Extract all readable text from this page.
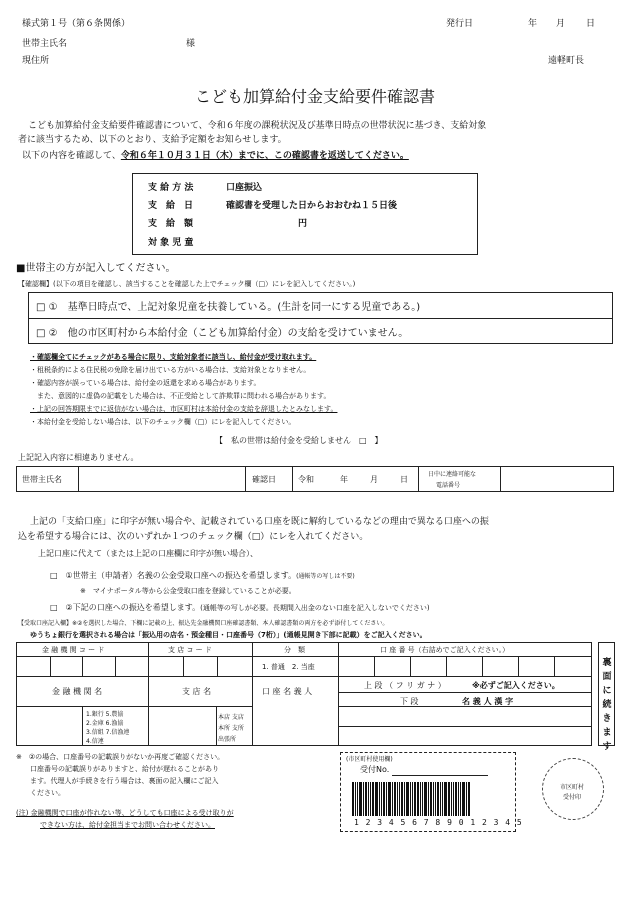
様式第１号（第６条関係）	発行日	年 月 日
世帯主氏名	様
現住所	遠軽町長
こども加算給付金支給要件確認書
こども加算給付金支給要件確認書について、令和６年度の課税状況及び基準日時点の世帯状況に基づき、支給対象
者に該当するため、以下のとおり、支給予定額をお知らせします。
以下の内容を確認して、令和６年１０月３１日（木）までに、この確認書を返送してください。
支 給 方 法	口座振込
支　給　日	確認書を受理した日からおおむね１５日後
支　給　額	円
対 象 児 童
■世帯主の方が記入してください。
【確認欄】(以下の項目を確認し、該当することを確認した上でチェック欄（□）にレを記入してください。)
□ ①　基準日時点で、上記対象児童を扶養している。(生計を同一にする児童である。)
□ ②　他の市区町村から本給付金（こども加算給付金）の支給を受けていません。
・確認欄全てにチェックがある場合に限り、支給対象者に該当し、給付金が受け取れます。
・租税条約による住民税の免除を届け出ている方がいる場合は、支給対象となりません。
・確認内容が誤っている場合は、給付金の返還を求める場合があります。
　また、意図的に虚偽の記載をした場合は、不正受給として詐欺罪に問われる場合があります。
・上記の回答期限までに返信がない場合は、市区町村は本給付金の支給を辞退したとみなします。
・本給付金を受給しない場合は、以下のチェック欄（□）にレを記入してください。
【　私の世帯は給付金を受給しません　□　】
上記記入内容に相違ありません。
世帯主氏名	確認日	令和	年	月	日
日中に連絡可能な
電話番号
上記の「支給口座」に印字が無い場合や、記載されている口座を既に解約しているなどの理由で異なる口座への振
込を希望する場合には、次のいずれか１つのチェック欄（□）にレを入れてください。
上記口座に代えて（または上記の口座欄に印字が無い場合）、
□　①世帯主（申請者）名義の公金受取口座への振込を希望します。(通帳等の写しは不要)
※　マイナポータル等から公金受取口座を登録していることが必要。
□　②下記の口座への振込を希望します。(通帳等の写しが必要。長期間入出金のない口座を記入しないでください)
【受取口座記入欄】※②を選択した場合、下欄に記載の上、振込先金融機関口座確認書類、本人確認書類の両方を必ず添付してください。
ゆうちょ銀行を選択される場合は「振込用の店名・預金種目・口座番号（7桁）」(通帳見開き下部に記載）をご記入ください。
金 融 機 関 コ ー ド	支 店 コ ー ド	分　類	口 座 番 号（右詰めでご記入ください。）
1. 普通　2. 当座
金 融 機 関 名	支 店 名	口 座 名 義 人
上 段 （ フ リ ガ ナ ）	※必ずご記入ください。
下 段	名 義 人 漢 字
1.銀行 5.農協
2.金庫 6.漁協
3.信組 7.信漁連
4.信連
本店 支店
本所 支所
出張所
裏面に続きます
※　②の場合、口座番号の記載誤りがないか再度ご確認ください。
口座番号の記載誤りがありますと、給付が遅れることがあり
ます。代理人が手続きを行う場合は、裏面の記入欄にご記入
ください。
(注) 金融機関で口座が作れない等、どうしても口座による受け取りが
できない方は、給付金担当までお問い合わせください。
(市区町村使用欄)
受付No.
1 2 3 4 5 6 7 8 9 0 1 2 3 4 5
市区町村
受付印
